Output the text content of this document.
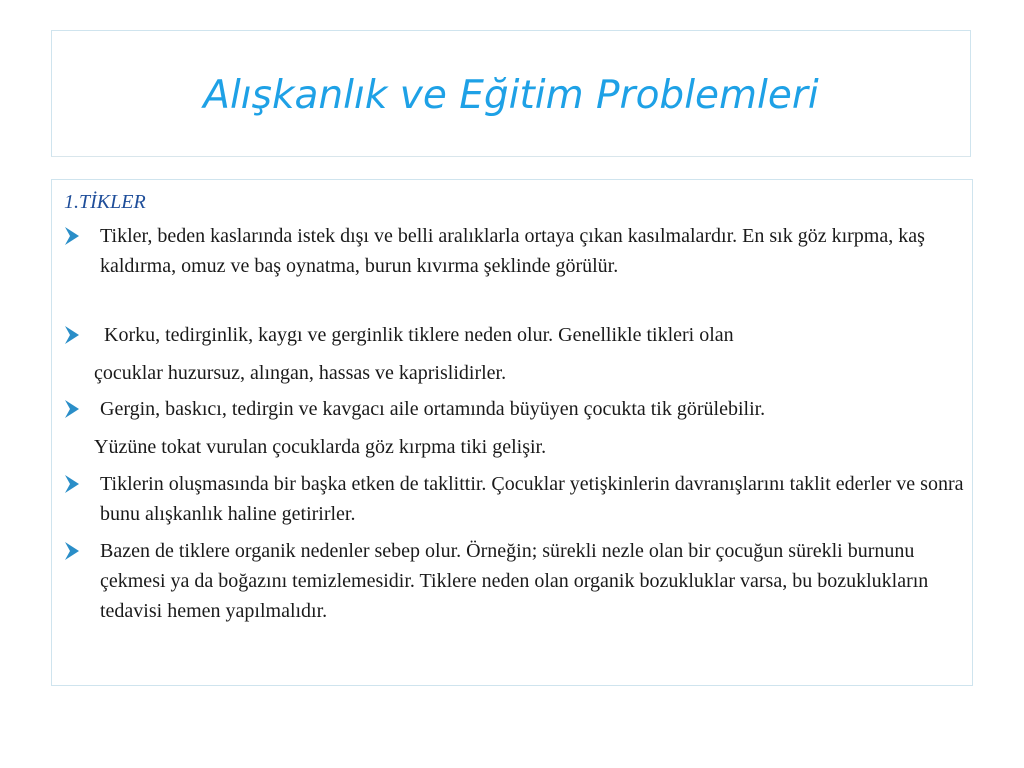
Alışkanlık ve Eğitim Problemleri
1.TİKLER
Tikler, beden kaslarında istek dışı ve belli aralıklarla ortaya çıkan kasılmalardır. En sık göz kırpma, kaş kaldırma, omuz ve baş oynatma, burun kıvırma şeklinde görülür.
Korku, tedirginlik, kaygı ve gerginlik tiklere neden olur. Genellikle tikleri olan
çocuklar huzursuz, alıngan, hassas ve kaprislidirler.
Gergin, baskıcı, tedirgin ve kavgacı aile ortamında büyüyen çocukta tik görülebilir.
Yüzüne tokat vurulan çocuklarda göz kırpma tiki gelişir.
Tiklerin oluşmasında bir başka etken de taklittir. Çocuklar yetişkinlerin davranışlarını taklit ederler ve sonra bunu alışkanlık haline getirirler.
Bazen de tiklere organik nedenler sebep olur. Örneğin; sürekli nezle olan bir çocuğun sürekli burnunu çekmesi ya da boğazını temizlemesidir. Tiklere neden olan organik bozukluklar varsa, bu bozuklukların tedavisi hemen yapılmalıdır.
